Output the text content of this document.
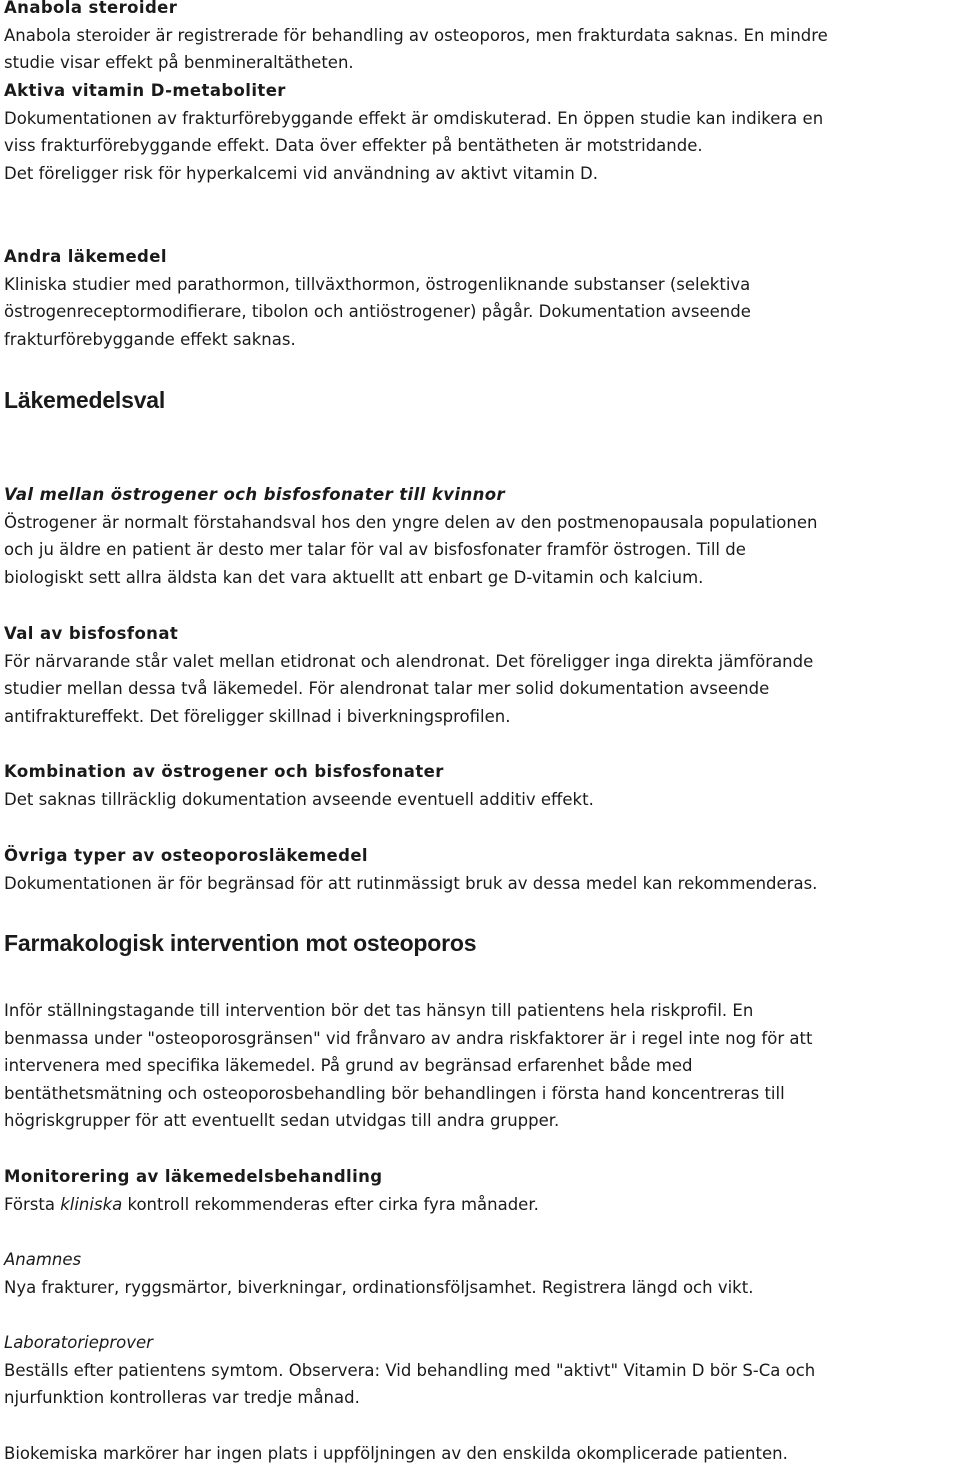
Anabola steroider
Anabola steroider är registrerade för behandling av osteoporos, men frakturdata saknas. En mindre
studie visar effekt på benmineraltätheten.
Aktiva vitamin D-metaboliter
Dokumentationen av frakturförebyggande effekt är omdiskuterad. En öppen studie kan indikera en
viss frakturförebyggande effekt. Data över effekter på bentätheten är motstridande.
Det föreligger risk för hyperkalcemi vid användning av aktivt vitamin D.
Andra läkemedel
Kliniska studier med parathormon, tillväxthormon, östrogenliknande substanser (selektiva
östrogenreceptormodifierare, tibolon och antiöstrogener) pågår. Dokumentation avseende
frakturförebyggande effekt saknas.
Läkemedelsval
Val mellan östrogener och bisfosfonater till kvinnor
Östrogener är normalt förstahandsval hos den yngre delen av den postmenopausala populationen
och ju äldre en patient är desto mer talar för val av bisfosfonater framför östrogen. Till de
biologiskt sett allra äldsta kan det vara aktuellt att enbart ge D-vitamin och kalcium.
Val av bisfosfonat
För närvarande står valet mellan etidronat och alendronat. Det föreligger inga direkta jämförande
studier mellan dessa två läkemedel. För alendronat talar mer solid dokumentation avseende
antifraktureffekt. Det föreligger skillnad i biverkningsprofilen.
Kombination av östrogener och bisfosfonater
Det saknas tillräcklig dokumentation avseende eventuell additiv effekt.
Övriga typer av osteoporosläkemedel
Dokumentationen är för begränsad för att rutinmässigt bruk av dessa medel kan rekommenderas.
Farmakologisk intervention mot osteoporos
Inför ställningstagande till intervention bör det tas hänsyn till patientens hela riskprofil. En
benmassa under "osteoporosgränsen" vid frånvaro av andra riskfaktorer är i regel inte nog för att
intervenera med specifika läkemedel. På grund av begränsad erfarenhet både med
bentäthetsmätning och osteoporosbehandling bör behandlingen i första hand koncentreras till
högriskgrupper för att eventuellt sedan utvidgas till andra grupper.
Monitorering av läkemedelsbehandling
Första kliniska kontroll rekommenderas efter cirka fyra månader.
Anamnes
Nya frakturer, ryggsmärtor, biverkningar, ordinationsföljsamhet. Registrera längd och vikt.
Laboratorieprover
Beställs efter patientens symtom. Observera: Vid behandling med "aktivt" Vitamin D bör S-Ca och
njurfunktion kontrolleras var tredje månad.
Biokemiska markörer har ingen plats i uppföljningen av den enskilda okomplicerade patienten.
